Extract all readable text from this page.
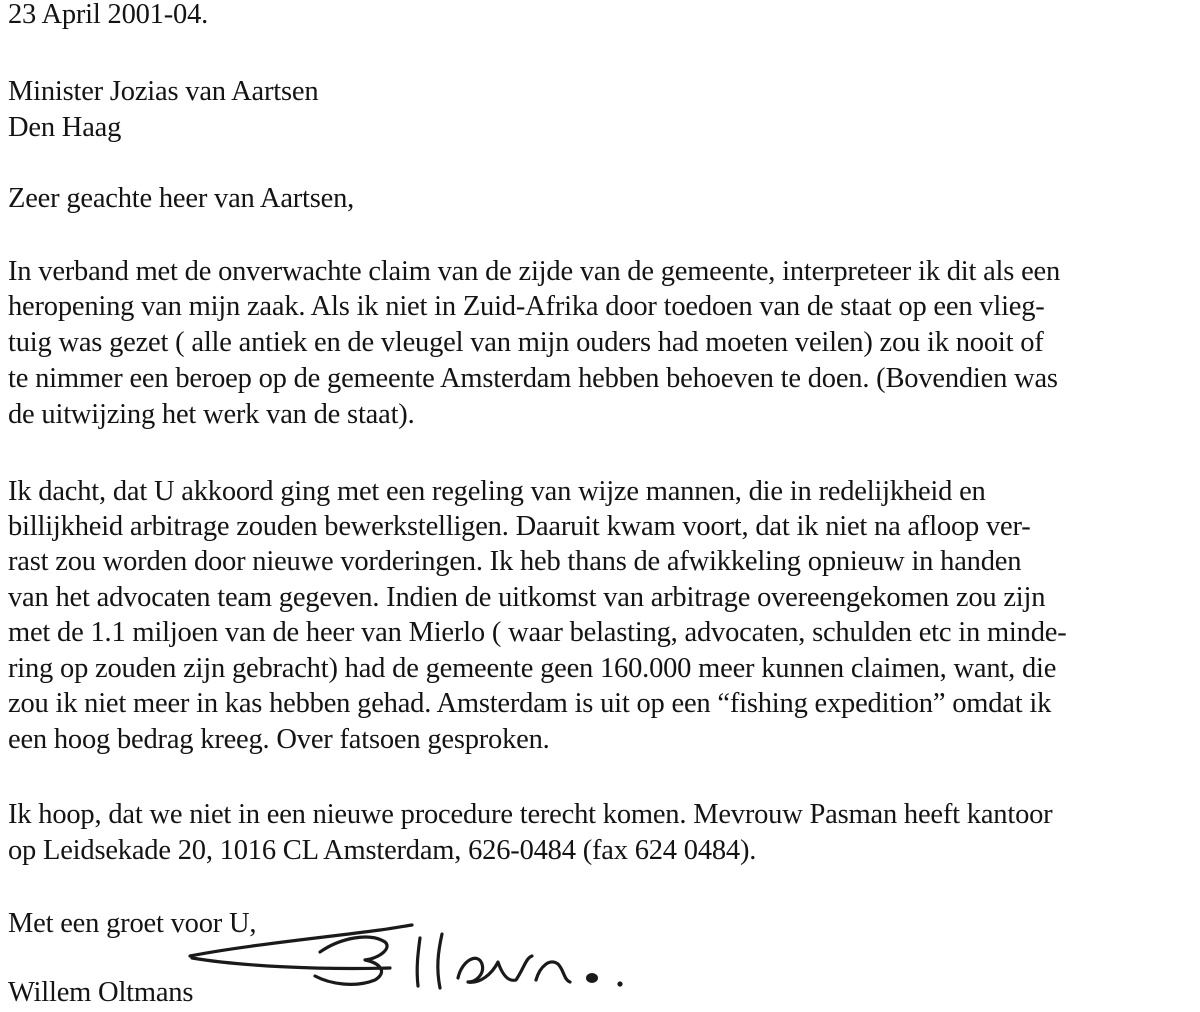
23 April 2001-04.
Minister Jozias van Aartsen
Den Haag
Zeer geachte heer van Aartsen,
In verband met de onverwachte claim van de zijde van de gemeente, interpreteer ik dit als een
heropening van mijn zaak. Als ik niet in Zuid-Afrika door toedoen van de staat op een vlieg-
tuig was gezet ( alle antiek en de vleugel van mijn ouders had moeten veilen) zou ik nooit of
te nimmer een beroep op de gemeente Amsterdam hebben behoeven te doen. (Bovendien was
de uitwijzing het werk van de staat).
Ik dacht, dat U akkoord ging met een regeling van wijze mannen, die in redelijkheid en
billijkheid arbitrage zouden bewerkstelligen. Daaruit kwam voort, dat ik niet na afloop ver-
rast zou worden door nieuwe vorderingen. Ik heb thans de afwikkeling opnieuw in handen
van het advocaten team gegeven. Indien de uitkomst van arbitrage overeengekomen zou zijn
met de 1.1 miljoen van de heer van Mierlo ( waar belasting, advocaten, schulden etc in minde-
ring op zouden zijn gebracht) had de gemeente geen 160.000 meer kunnen claimen, want, die
zou ik niet meer in kas hebben gehad. Amsterdam is uit op een “fishing expedition” omdat ik
een hoog bedrag kreeg. Over fatsoen gesproken.
Ik hoop, dat we niet in een nieuwe procedure terecht komen. Mevrouw Pasman heeft kantoor
op Leidsekade 20, 1016 CL Amsterdam, 626-0484 (fax 624 0484).
Met een groet voor U,
Willem Oltmans
